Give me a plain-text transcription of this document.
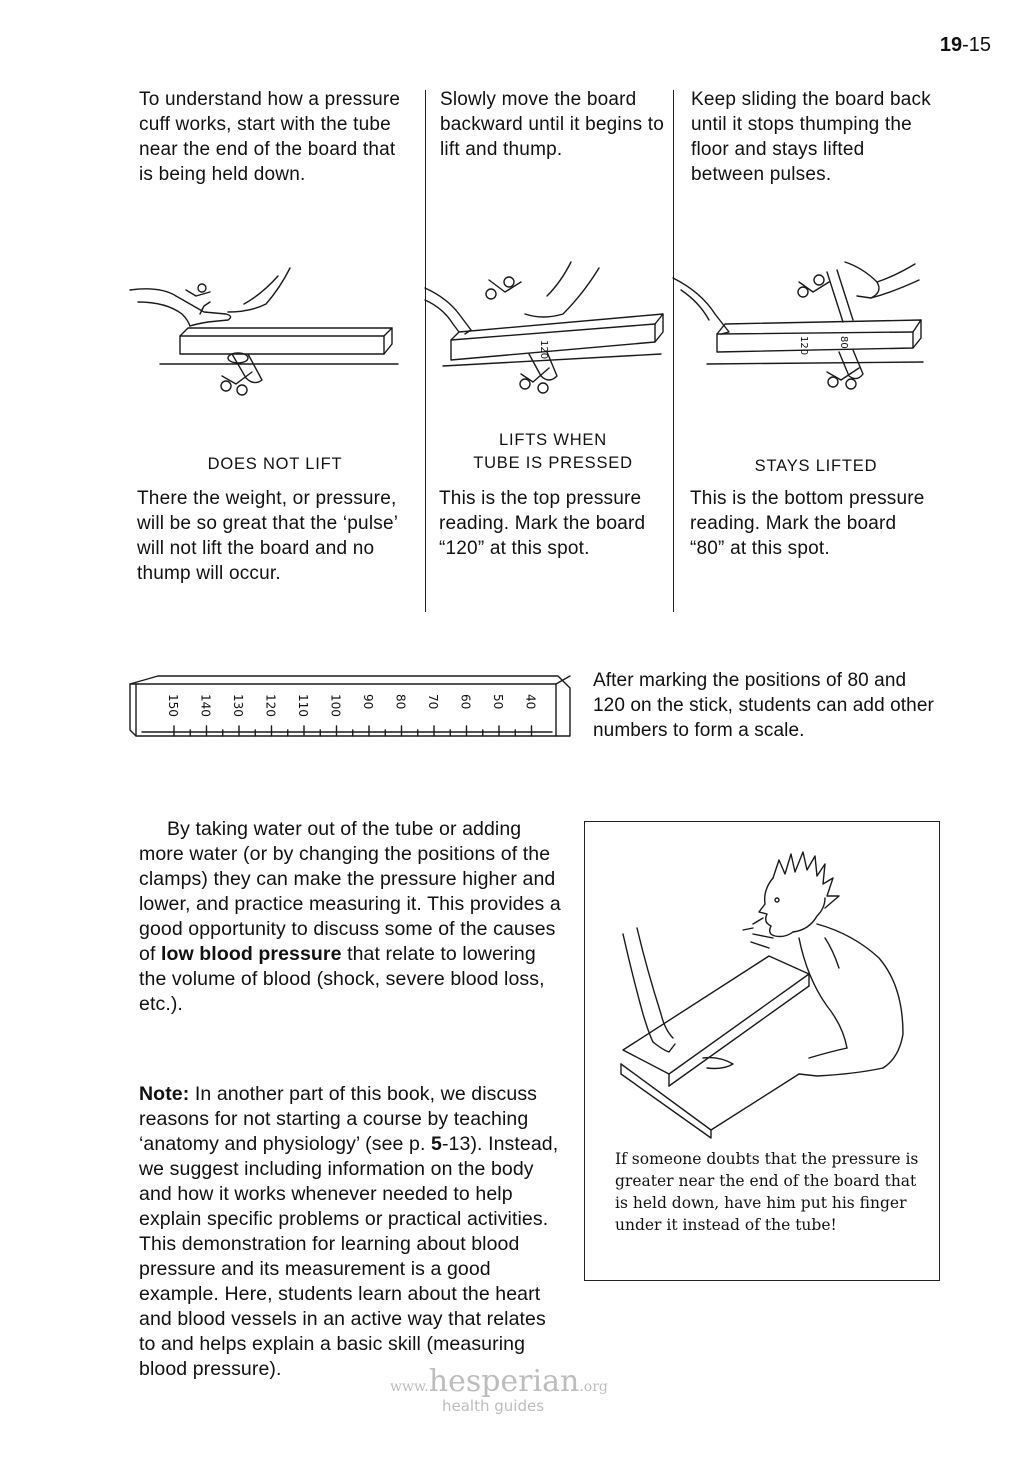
19-15
To understand how a pressure cuff works, start with the tube near the end of the board that is being held down.
Slowly move the board backward until it begins to lift and thump.
Keep sliding the board back until it stops thumping the floor and stays lifted between pulses.
120	120	80
DOES NOT LIFT
LIFTS WHEN
TUBE IS PRESSED	STAYS LIFTED
There the weight, or pressure, will be so great that the ‘pulse’ will not lift the board and no thump will occur.
This is the top pressure reading. Mark the board “120” at this spot.
This is the bottom pressure reading. Mark the board “80” at this spot.
150 140 130 120 110 100 90 80 70 60 50 40
After marking the positions of 80 and 120 on the stick, students can add other numbers to form a scale.
By taking water out of the tube or adding more water (or by changing the positions of the clamps) they can make the pressure higher and lower, and practice measuring it. This provides a good opportunity to discuss some of the causes of low blood pressure that relate to lowering the volume of blood (shock, severe blood loss, etc.).
If someone doubts that the pressure is greater near the end of the board that is held down, have him put his finger under it instead of the tube!
Note: In another part of this book, we discuss reasons for not starting a course by teaching ‘anatomy and physiology’ (see p. 5-13). Instead, we suggest including information on the body and how it works whenever needed to help explain specific problems or practical activities. This demonstration for learning about blood pressure and its measurement is a good example. Here, students learn about the heart and blood vessels in an active way that relates to and helps explain a basic skill (measuring blood pressure).
www.hesperian.org
health guides
